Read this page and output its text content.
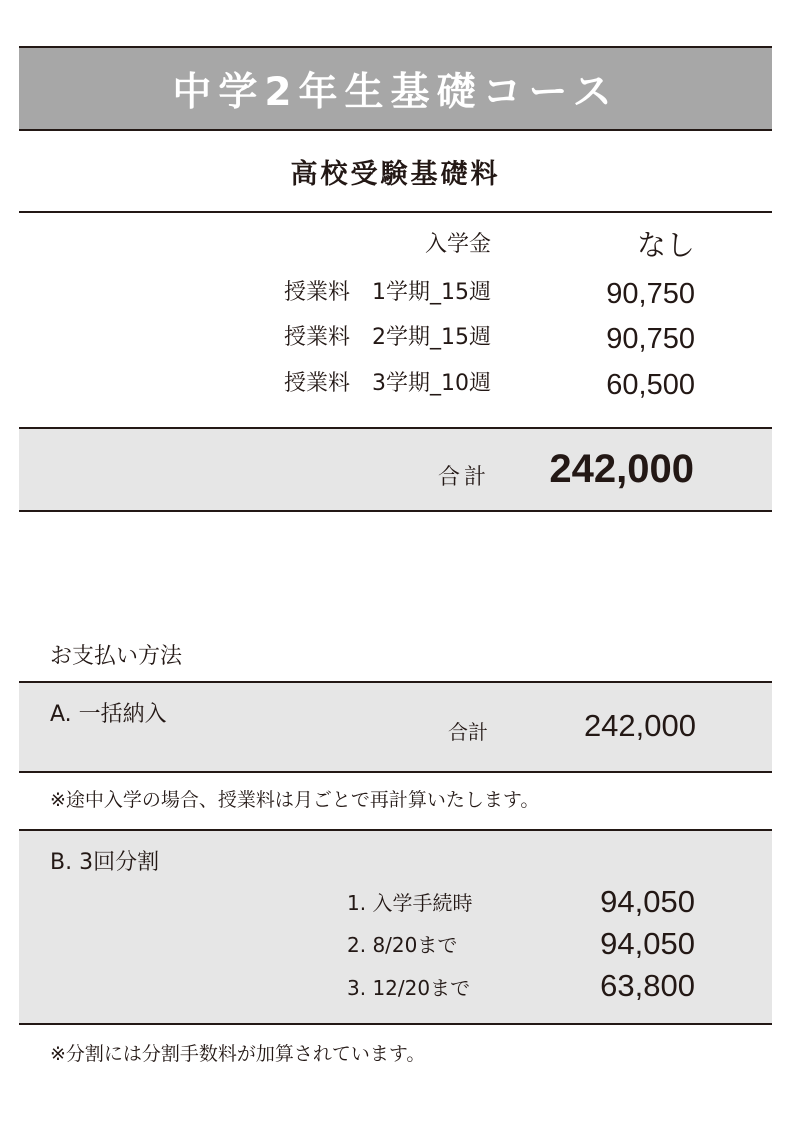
中学2年生基礎コース
高校受験基礎料
入学金	なし
授業料　1学期_15週	90,750
授業料　2学期_15週	90,750
授業料　3学期_10週	60,500
合計 242,000
お支払い方法
A. 一括納入
合計	242,000
※途中入学の場合、授業料は月ごとで再計算いたします。
B. 3回分割
1. 入学手続時	94,050
2. 8/20まで	94,050
3. 12/20まで	63,800
※分割には分割手数料が加算されています。
